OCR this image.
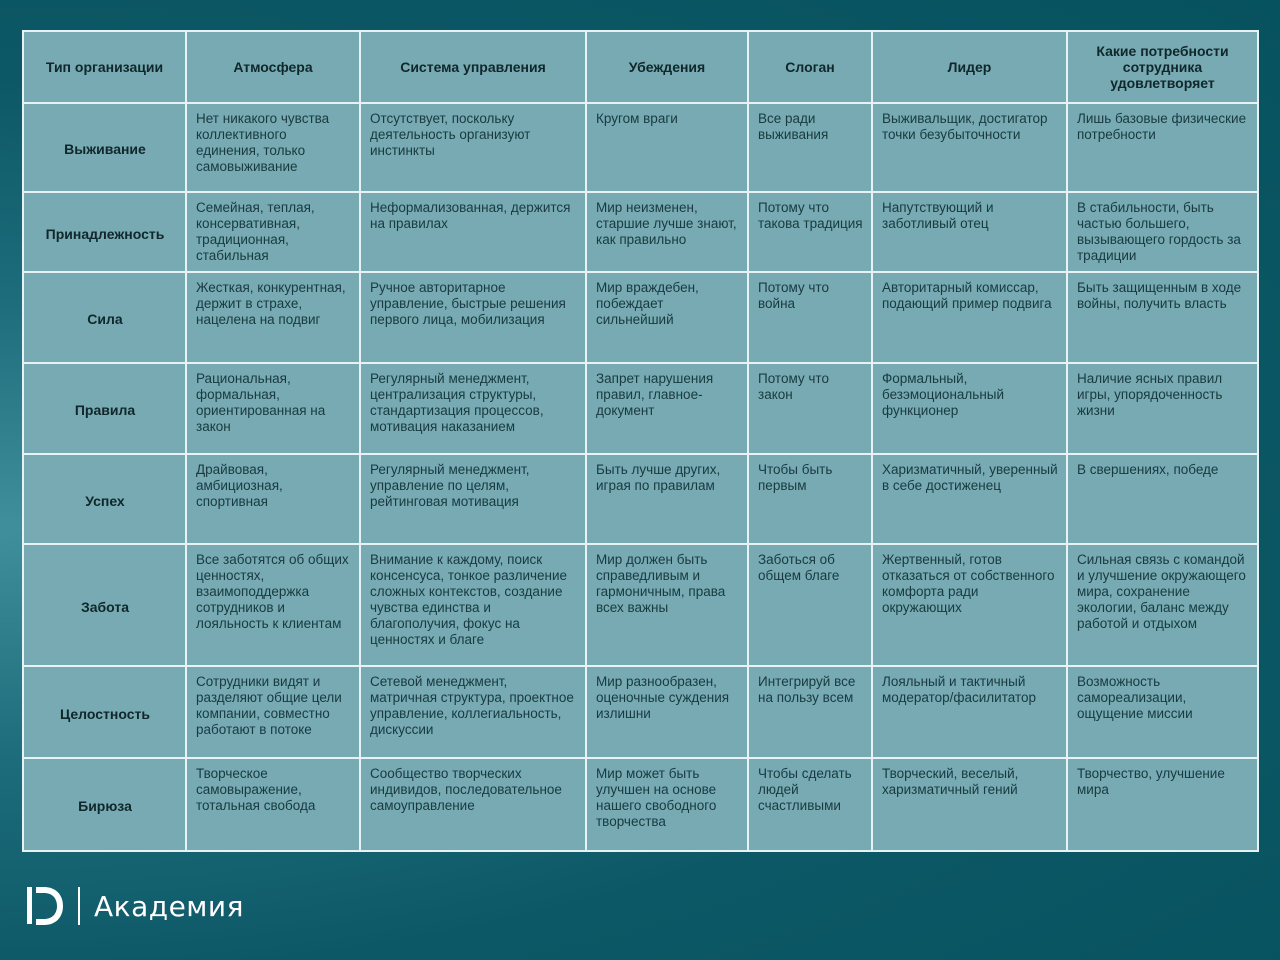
Тип организации	Атмосфера	Система управления	Убеждения	Слоган	Лидер	Какие потребности сотрудника удовлетворяет
Выживание	Нет никакого чувства коллективного единения, только самовыживание	Отсутствует, поскольку деятельность организуют инстинкты	Кругом враги	Все ради выживания	Выживальщик, достигатор точки безубыточности	Лишь базовые физические потребности
Принадлежность	Семейная, теплая, консервативная, традиционная, стабильная	Неформализованная, держится на правилах	Мир неизменен, старшие лучше знают, как правильно	Потому что такова традиция	Напутствующий и заботливый отец	В стабильности, быть частью большего, вызывающего гордость за традиции
Сила	Жесткая, конкурентная, держит в страхе, нацелена на подвиг	Ручное авторитарное управление, быстрые решения первого лица, мобилизация	Мир враждебен, побеждает сильнейший	Потому что война	Авторитарный комиссар, подающий пример подвига	Быть защищенным в ходе войны, получить власть
Правила	Рациональная, формальная, ориентированная на закон	Регулярный менеджмент, централизация структуры, стандартизация процессов, мотивация наказанием	Запрет нарушения правил, главное-документ	Потому что закон	Формальный, безэмоциональный функционер	Наличие ясных правил игры, упорядоченность жизни
Успех	Драйвовая, амбициозная, спортивная	Регулярный менеджмент, управление по целям, рейтинговая мотивация	Быть лучше других, играя по правилам	Чтобы быть первым	Харизматичный, уверенный в себе достиженец	В свершениях, победе
Забота	Все заботятся об общих ценностях, взаимоподдержка сотрудников и лояльность к клиентам	Внимание к каждому, поиск консенсуса, тонкое различение сложных контекстов, создание чувства единства и благополучия, фокус на ценностях и благе	Мир должен быть справедливым и гармоничным, права всех важны	Заботься об общем благе	Жертвенный, готов отказаться от собственного комфорта ради окружающих	Сильная связь с командой и улучшение окружающего мира, сохранение экологии, баланс между работой и отдыхом
Целостность	Сотрудники видят и разделяют общие цели компании, совместно работают в потоке	Сетевой менеджмент, матричная структура, проектное управление, коллегиальность, дискуссии	Мир разнообразен, оценочные суждения излишни	Интегрируй все на пользу всем	Лояльный и тактичный модератор/фасилитатор	Возможность самореализации, ощущение миссии
Бирюза	Творческое самовыражение, тотальная свобода	Сообщество творческих индивидов, последовательное самоуправление	Мир может быть улучшен на основе нашего свободного творчества	Чтобы сделать людей счастливыми	Творческий, веселый, харизматичный гений	Творчество, улучшение мира
Академия
